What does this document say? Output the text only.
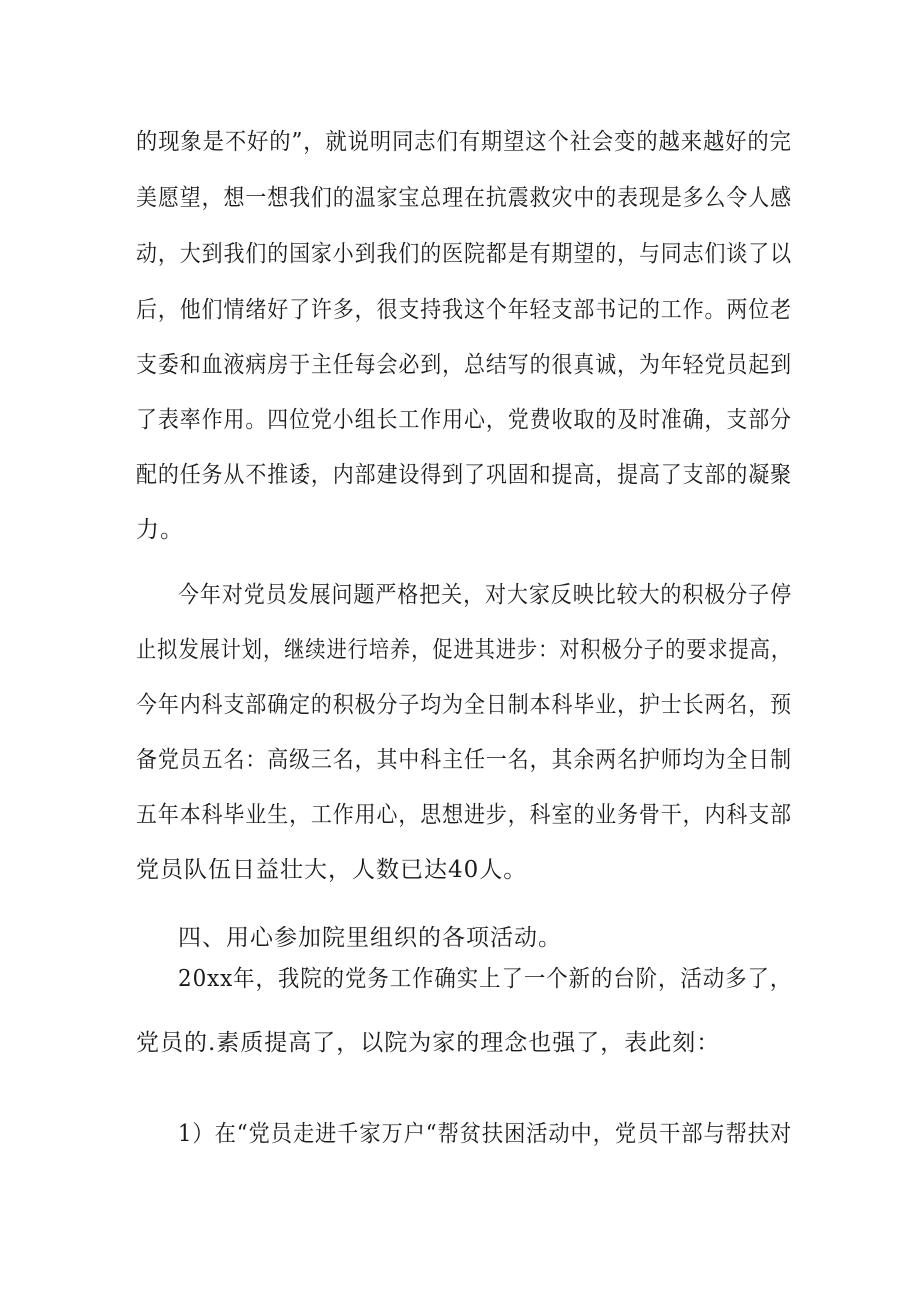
的现象是不好的”，就说明同志们有期望这个社会变的越来越好的完
美愿望，想一想我们的温家宝总理在抗震救灾中的表现是多么令人感
动，大到我们的国家小到我们的医院都是有期望的，与同志们谈了以
后，他们情绪好了许多，很支持我这个年轻支部书记的工作。两位老
支委和血液病房于主任每会必到，总结写的很真诚，为年轻党员起到
了表率作用。四位党小组长工作用心，党费收取的及时准确，支部分
配的任务从不推诿，内部建设得到了巩固和提高，提高了支部的凝聚
力。
今年对党员发展问题严格把关，对大家反映比较大的积极分子停
止拟发展计划，继续进行培养，促进其进步：对积极分子的要求提高，
今年内科支部确定的积极分子均为全日制本科毕业，护士长两名，预
备党员五名：高级三名，其中科主任一名，其余两名护师均为全日制
五年本科毕业生，工作用心，思想进步，科室的业务骨干，内科支部
党员队伍日益壮大，人数已达40人。
四、用心参加院里组织的各项活动。
20xx年，我院的党务工作确实上了一个新的台阶，活动多了，
党员的.素质提高了，以院为家的理念也强了，表此刻：
1）在“党员走进千家万户“帮贫扶困活动中，党员干部与帮扶对
